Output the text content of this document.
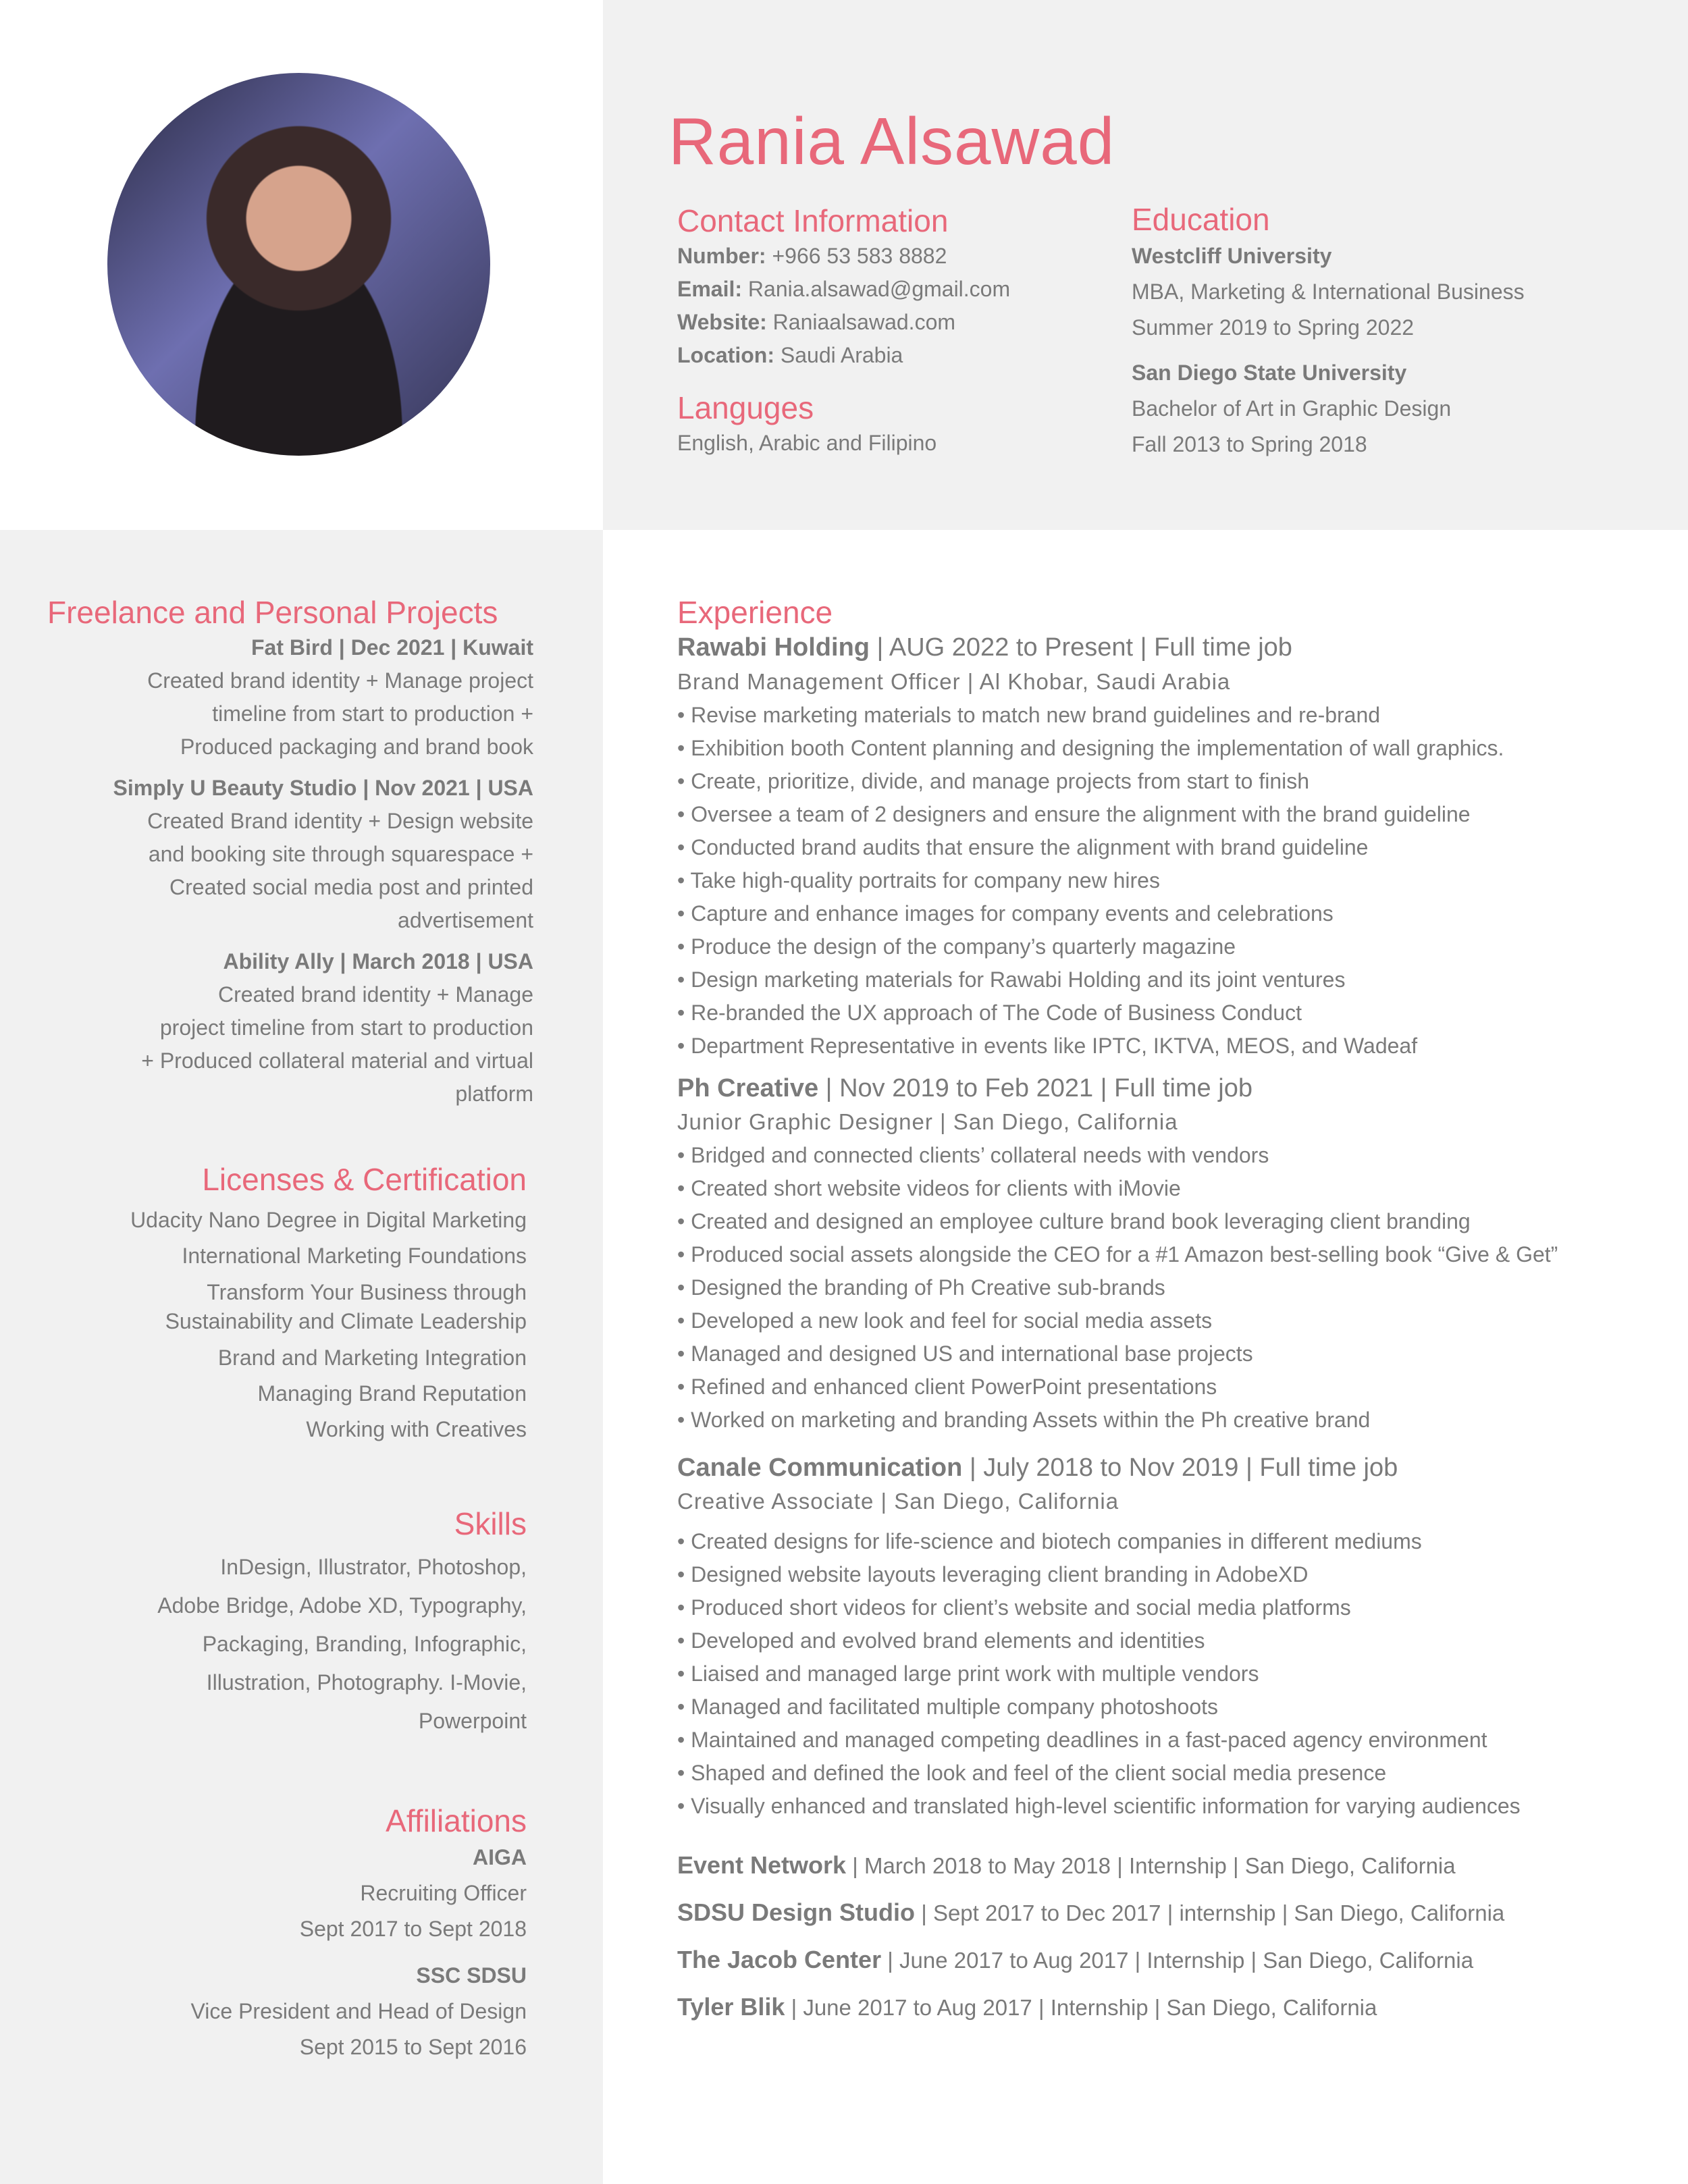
Rania Alsawad
Contact Information

Number: +966 53 583 8882

Email: Rania.alsawad@gmail.com

Website: Raniaalsawad.com

Location: Saudi Arabia

Languges

English, Arabic and Filipino

Education

Westcliff University

MBA, Marketing & International Business

Summer 2019 to Spring 2022

San Diego State University

Bachelor of Art in Graphic Design

Fall 2013 to Spring 2018

Freelance and Personal Projects

Fat Bird | Dec 2021 | Kuwait

Created brand identity + Manage project

timeline from start to production +

Produced packaging and brand book

Simply U Beauty Studio | Nov 2021 | USA

Created Brand identity + Design website

and booking site through squarespace +

Created social media post and printed

advertisement

Ability Ally | March 2018 | USA

Created brand identity + Manage

project timeline from start to production

+ Produced collateral material and virtual

platform

Licenses & Certification

Udacity Nano Degree in Digital Marketing

International Marketing Foundations

Transform Your Business through

Sustainability and Climate Leadership

Brand and Marketing Integration

Managing Brand Reputation

Working with Creatives

Skills

InDesign, Illustrator, Photoshop,

Adobe Bridge, Adobe XD, Typography,

Packaging, Branding, Infographic,

Illustration, Photography. I-Movie,

Powerpoint

Affiliations

AIGA

Recruiting Officer

Sept 2017 to Sept 2018

SSC SDSU

Vice President and Head of Design

Sept 2015 to Sept 2016

Experience

Rawabi Holding | AUG 2022 to Present | Full time job

Brand Management Officer | Al Khobar, Saudi Arabia

• Revise marketing materials to match new brand guidelines and re-brand
• Exhibition booth Content planning and designing the implementation of wall graphics.
• Create, prioritize, divide, and manage projects from start to finish
• Oversee a team of 2 designers and ensure the alignment with the brand guideline
• Conducted brand audits that ensure the alignment with brand guideline
• Take high-quality portraits for company new hires
• Capture and enhance images for company events and celebrations
• Produce the design of the company’s quarterly magazine
• Design marketing materials for Rawabi Holding and its joint ventures
• Re-branded the UX approach of The Code of Business Conduct
• Department Representative in events like IPTC, IKTVA, MEOS, and Wadeaf

Ph Creative | Nov 2019 to Feb 2021 | Full time job

Junior Graphic Designer | San Diego, California

• Bridged and connected clients’ collateral needs with vendors
• Created short website videos for clients with iMovie
• Created and designed an employee culture brand book leveraging client branding
• Produced social assets alongside the CEO for a #1 Amazon best-selling book “Give & Get”
• Designed the branding of Ph Creative sub-brands
• Developed a new look and feel for social media assets
• Managed and designed US and international base projects
• Refined and enhanced client PowerPoint presentations
• Worked on marketing and branding Assets within the Ph creative brand

Canale Communication | July 2018 to Nov 2019 | Full time job

Creative Associate | San Diego, California

• Created designs for life-science and biotech companies in different mediums
• Designed website layouts leveraging client branding in AdobeXD
• Produced short videos for client’s website and social media platforms
• Developed and evolved brand elements and identities
• Liaised and managed large print work with multiple vendors
• Managed and facilitated multiple company photoshoots
• Maintained and managed competing deadlines in a fast-paced agency environment
• Shaped and defined the look and feel of the client social media presence
• Visually enhanced and translated high-level scientific information for varying audiences

Event Network | March 2018 to May 2018 | Internship | San Diego, California

SDSU Design Studio | Sept 2017 to Dec 2017 | internship | San Diego, California

The Jacob Center | June 2017 to Aug 2017 | Internship | San Diego, California

Tyler Blik | June 2017 to Aug 2017 | Internship | San Diego, California
